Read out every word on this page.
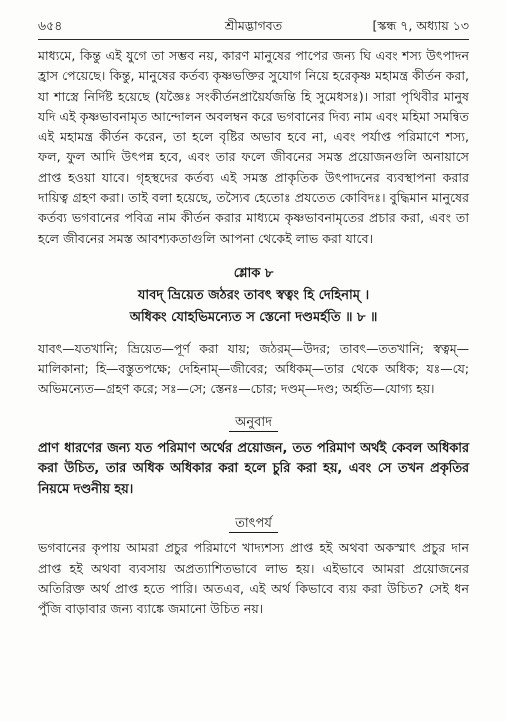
৬৫৪	শ্রীমদ্ভাগবত	[স্কন্ধ ৭, অধ্যায় ১৩

মাধ্যমে, কিন্তু এই যুগে তা সম্ভব নয়, কারণ মানুষের পাপের জন্য ঘি এবং শস্য উৎপাদন হ্রাস পেয়েছে। কিন্তু, মানুষের কর্তব্য কৃষ্ণভক্তির সুযোগ নিয়ে হরেকৃষ্ণ মহামন্ত্র কীর্তন করা, যা শাস্ত্রে নির্দিষ্ট হয়েছে (যজ্ঞৈঃ সংকীর্তনপ্রায়ৈর্যজন্তি হি সুমেধসঃ)। সারা পৃথিবীর মানুষ যদি এই কৃষ্ণভাবনামৃত আন্দোলন অবলম্বন করে ভগবানের দিব্য নাম এবং মহিমা সমন্বিত এই মহামন্ত্র কীর্তন করেন, তা হলে বৃষ্টির অভাব হবে না, এবং পর্যাপ্ত পরিমাণে শস্য, ফল, ফুল আদি উৎপন্ন হবে, এবং তার ফলে জীবনের সমস্ত প্রয়োজনগুলি অনায়াসে প্রাপ্ত হওয়া যাবে। গৃহস্থদের কর্তব্য এই সমস্ত প্রাকৃতিক উৎপাদনের ব্যবস্থাপনা করার দায়িত্ব গ্রহণ করা। তাই বলা হয়েছে, তস্যৈব হেতোঃ প্রযতেত কোবিদঃ। বুদ্ধিমান মানুষের কর্তব্য ভগবানের পবিত্র নাম কীর্তন করার মাধ্যমে কৃষ্ণভাবনামৃতের প্রচার করা, এবং তা হলে জীবনের সমস্ত আবশ্যকতাগুলি আপনা থেকেই লাভ করা যাবে।

শ্লোক ৮
যাবদ্ ভ্রিয়েত জঠরং তাবৎ স্বত্বং হি দেহিনাম্ ।
অধিকং যোহভিমন্যেত স স্তেনো দণ্ডমর্হতি ॥ ৮ ॥

যাবৎ—যতখানি; ভ্রিয়েত—পূর্ণ করা যায়; জঠরম্—উদর; তাবৎ—ততখানি; স্বত্বম্—মালিকানা; হি—বস্তুতপক্ষে; দেহিনাম্—জীবের; অধিকম্—তার থেকে অধিক; যঃ—যে; অভিমন্যেত—গ্রহণ করে; সঃ—সে; স্তেনঃ—চোর; দণ্ডম্—দণ্ড; অর্হতি—যোগ্য হয়।

অনুবাদ

প্রাণ ধারণের জন্য যত পরিমাণ অর্থের প্রয়োজন, তত পরিমাণ অর্থই কেবল অধিকার করা উচিত, তার অধিক অধিকার করা হলে চুরি করা হয়, এবং সে তখন প্রকৃতির নিয়মে দণ্ডনীয় হয়।

তাৎপর্য

ভগবানের কৃপায় আমরা প্রচুর পরিমাণে খাদ্যশস্য প্রাপ্ত হই অথবা অকস্মাৎ প্রচুর দান প্রাপ্ত হই অথবা ব্যবসায় অপ্রত্যাশিতভাবে লাভ হয়। এইভাবে আমরা প্রয়োজনের অতিরিক্ত অর্থ প্রাপ্ত হতে পারি। অতএব, এই অর্থ কিভাবে ব্যয় করা উচিত? সেই ধন পুঁজি বাড়াবার জন্য ব্যাঙ্কে জমানো উচিত নয়।
